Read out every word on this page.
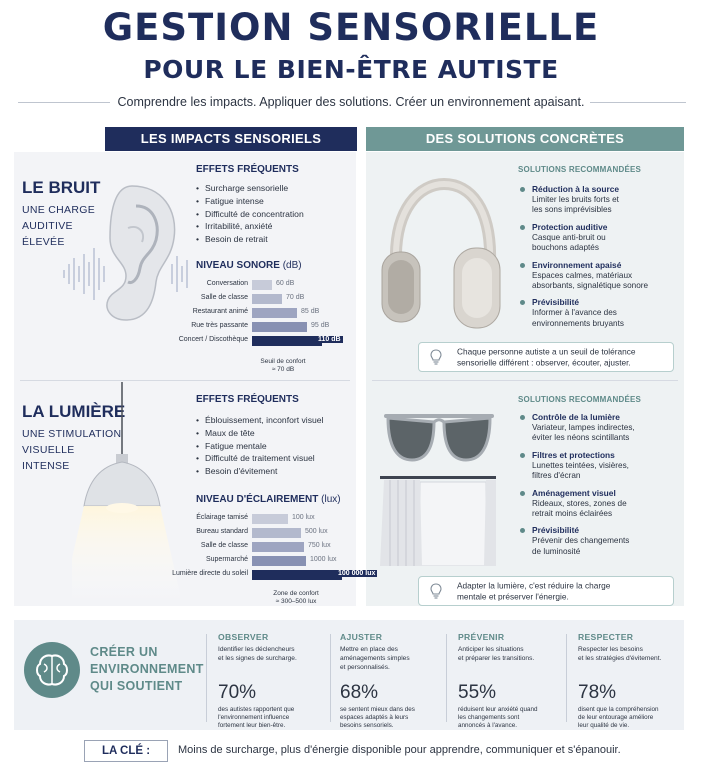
GESTION SENSORIELLE
POUR LE BIEN-ÊTRE AUTISTE
Comprendre les impacts. Appliquer des solutions. Créer un environnement apaisant.
LES IMPACTS SENSORIELS	DES SOLUTIONS CONCRÈTES
LE BRUIT
UNE CHARGE
AUDITIVE
ÉLEVÉE
EFFETS FRÉQUENTS
• Surcharge sensorielle
• Fatigue intense
• Difficulté de concentration
• Irritabilité, anxiété
• Besoin de retrait
NIVEAU SONORE (dB)
Conversation	60 dB
Salle de classe	70 dB
Restaurant animé	85 dB
Rue très passante	95 dB
Concert / Discothèque	110 dB
Seuil de confort
≈ 70 dB
LA LUMIÈRE
UNE STIMULATION
VISUELLE
INTENSE
EFFETS FRÉQUENTS
• Éblouissement, inconfort visuel
• Maux de tête
• Fatigue mentale
• Difficulté de traitement visuel
• Besoin d'évitement
NIVEAU D'ÉCLAIREMENT (lux)
Éclairage tamisé	100 lux
Bureau standard	500 lux
Salle de classe	750 lux
Supermarché	1000 lux
Lumière directe du soleil	100 000 lux
Zone de confort
≈ 300–500 lux
SOLUTIONS RECOMMANDÉES
Réduction à la source
Limiter les bruits forts et
les sons imprévisibles
Protection auditive
Casque anti-bruit ou
bouchons adaptés
Environnement apaisé
Espaces calmes, matériaux
absorbants, signalétique sonore
Prévisibilité
Informer à l'avance des
environnements bruyants
Chaque personne autiste a un seuil de tolérance
sensorielle différent : observer, écouter, ajuster.
SOLUTIONS RECOMMANDÉES
Contrôle de la lumière
Variateur, lampes indirectes,
éviter les néons scintillants
Filtres et protections
Lunettes teintées, visières,
filtres d'écran
Aménagement visuel
Rideaux, stores, zones de
retrait moins éclairées
Prévisibilité
Prévenir des changements
de luminosité
Adapter la lumière, c'est réduire la charge
mentale et préserver l'énergie.
CRÉER UN
ENVIRONNEMENT
QUI SOUTIENT
OBSERVER
Identifier les déclencheurs
et les signes de surcharge.
70%
des autistes rapportent que
l'environnement influence
fortement leur bien-être.
AJUSTER
Mettre en place des
aménagements simples
et personnalisés.
68%
se sentent mieux dans des
espaces adaptés à leurs
besoins sensoriels.
PRÉVENIR
Anticiper les situations
et préparer les transitions.
55%
réduisent leur anxiété quand
les changements sont
annoncés à l'avance.
RESPECTER
Respecter les besoins
et les stratégies d'évitement.
78%
disent que la compréhension
de leur entourage améliore
leur qualité de vie.
LA CLÉ :	Moins de surcharge, plus d'énergie disponible pour apprendre, communiquer et s'épanouir.
